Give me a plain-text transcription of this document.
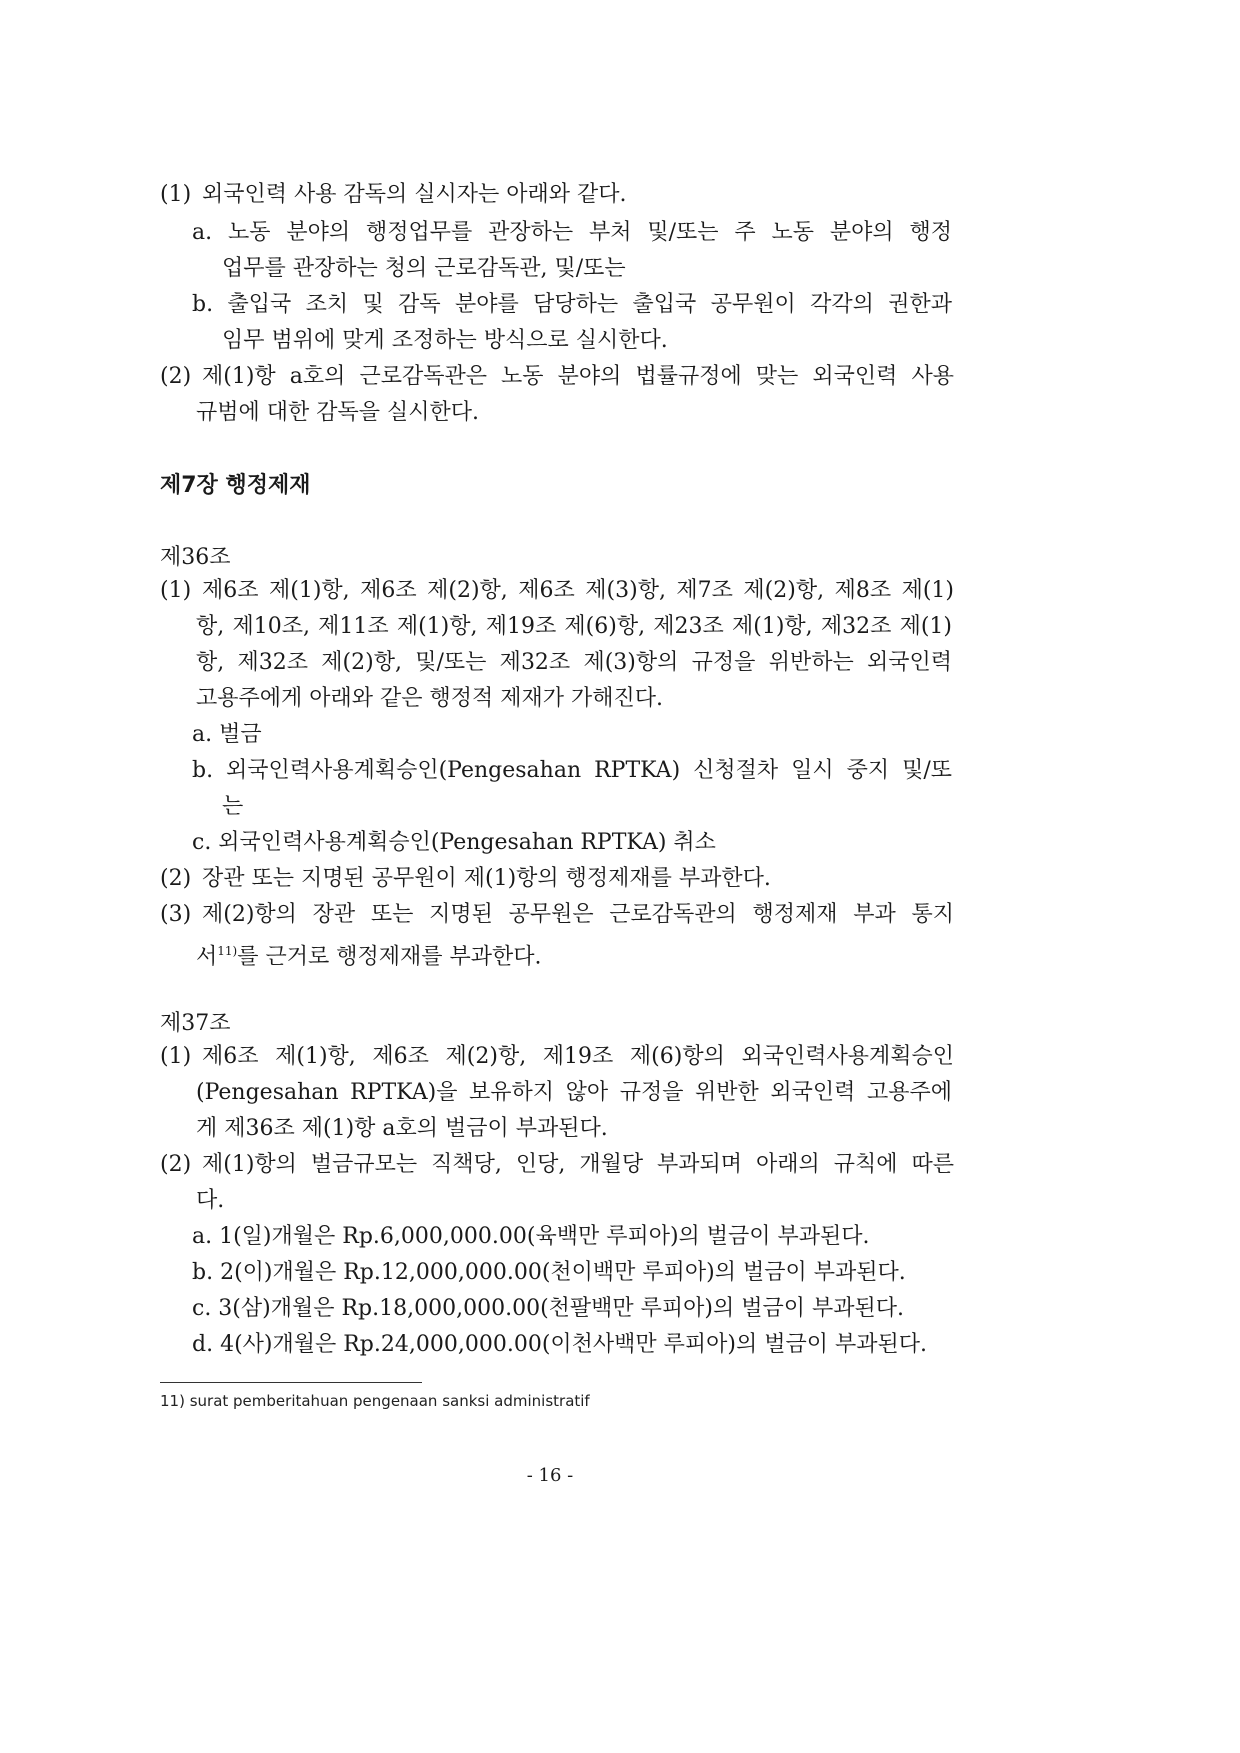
(1) 외국인력 사용 감독의 실시자는 아래와 같다.
a. 노동 분야의 행정업무를 관장하는 부처 및/또는 주 노동 분야의 행정
업무를 관장하는 청의 근로감독관, 및/또는
b. 출입국 조치 및 감독 분야를 담당하는 출입국 공무원이 각각의 권한과
임무 범위에 맞게 조정하는 방식으로 실시한다.
(2) 제(1)항 a호의 근로감독관은 노동 분야의 법률규정에 맞는 외국인력 사용
규범에 대한 감독을 실시한다.
제7장 행정제재
제36조
(1) 제6조 제(1)항, 제6조 제(2)항, 제6조 제(3)항, 제7조 제(2)항, 제8조 제(1)
항, 제10조, 제11조 제(1)항, 제19조 제(6)항, 제23조 제(1)항, 제32조 제(1)
항, 제32조 제(2)항, 및/또는 제32조 제(3)항의 규정을 위반하는 외국인력
고용주에게 아래와 같은 행정적 제재가 가해진다.
a. 벌금
b. 외국인력사용계획승인(Pengesahan RPTKA) 신청절차 일시 중지 및/또
는
c. 외국인력사용계획승인(Pengesahan RPTKA) 취소
(2) 장관 또는 지명된 공무원이 제(1)항의 행정제재를 부과한다.
(3) 제(2)항의 장관 또는 지명된 공무원은 근로감독관의 행정제재 부과 통지
서$^{11)}$를 근거로 행정제재를 부과한다.
제37조
(1) 제6조 제(1)항, 제6조 제(2)항, 제19조 제(6)항의 외국인력사용계획승인
(Pengesahan RPTKA)을 보유하지 않아 규정을 위반한 외국인력 고용주에
게 제36조 제(1)항 a호의 벌금이 부과된다.
(2) 제(1)항의 벌금규모는 직책당, 인당, 개월당 부과되며 아래의 규칙에 따른
다.
a. 1(일)개월은 Rp.6,000,000.00(육백만 루피아)의 벌금이 부과된다.
b. 2(이)개월은 Rp.12,000,000.00(천이백만 루피아)의 벌금이 부과된다.
c. 3(삼)개월은 Rp.18,000,000.00(천팔백만 루피아)의 벌금이 부과된다.
d. 4(사)개월은 Rp.24,000,000.00(이천사백만 루피아)의 벌금이 부과된다.
11) surat pemberitahuan pengenaan sanksi administratif
- 16 -
